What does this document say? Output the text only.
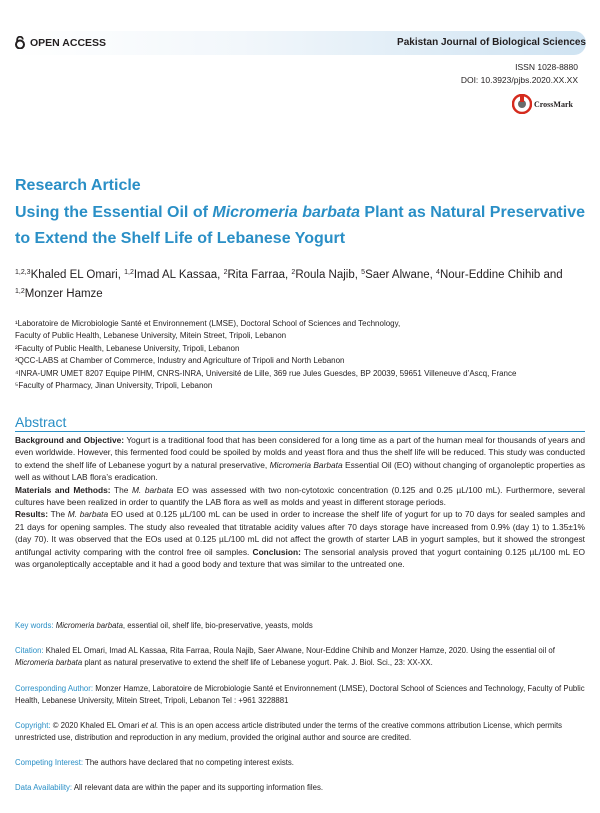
OPEN ACCESS	Pakistan Journal of Biological Sciences
ISSN 1028-8880
DOI: 10.3923/pjbs.2020.XX.XX
CrossMark
Research Article
Using the Essential Oil of Micromeria barbata Plant as Natural Preservative to Extend the Shelf Life of Lebanese Yogurt
$^{1,2,3}$Khaled EL Omari, $^{1,2}$Imad AL Kassaa, $^2$Rita Farraa, $^2$Roula Najib, $^5$Saer Alwane, $^4$Nour-Eddine Chihib and
$^{1,2}$Monzer Hamze
¹Laboratoire de Microbiologie Santé et Environnement (LMSE), Doctoral School of Sciences and Technology,
Faculty of Public Health, Lebanese University, Mitein Street, Tripoli, Lebanon
²Faculty of Public Health, Lebanese University, Tripoli, Lebanon
³QCC-LABS at Chamber of Commerce, Industry and Agriculture of Tripoli and North Lebanon
⁴INRA-UMR UMET 8207 Equipe PIHM, CNRS-INRA, Université de Lille, 369 rue Jules Guesdes, BP 20039, 59651 Villeneuve d’Ascq, France
⁵Faculty of Pharmacy, Jinan University, Tripoli, Lebanon
Abstract
Background and Objective: Yogurt is a traditional food that has been considered for a long time as a part of the human meal for thousands of years and even worldwide. However, this fermented food could be spoiled by molds and yeast flora and thus the shelf life will be reduced. This study was conducted to extend the shelf life of Lebanese yogurt by a natural preservative, Micromeria Barbata Essential Oil (EO) without changing of organoleptic properties as well as without LAB flora’s eradication.
Materials and Methods: The M. barbata EO was assessed with two non-cytotoxic concentration (0.125 and 0.25 µL/100 mL). Furthermore, several cultures have been realized in order to quantify the LAB flora as well as molds and yeast in different storage periods.
Results: The M. barbata EO used at 0.125 µL/100 mL can be used in order to increase the shelf life of yogurt for up to 70 days for sealed samples and 21 days for opening samples. The study also revealed that titratable acidity values after 70 days storage have increased from 0.9% (day 1) to 1.35±1% (day 70). It was observed that the EOs used at 0.125 µL/100 mL did not affect the growth of starter LAB in yogurt samples, but it showed the strongest antifungal activity comparing with the control free oil samples. Conclusion: The sensorial analysis proved that yogurt containing 0.125 µL/100 mL EO was organoleptically acceptable and it had a good body and texture that was similar to the untreated one.
Key words: Micromeria barbata, essential oil, shelf life, bio-preservative, yeasts, molds
Citation: Khaled EL Omari, Imad AL Kassaa, Rita Farraa, Roula Najib, Saer Alwane, Nour-Eddine Chihib and Monzer Hamze, 2020. Using the essential oil of Micromeria barbata plant as natural preservative to extend the shelf life of Lebanese yogurt. Pak. J. Biol. Sci., 23: XX-XX.
Corresponding Author: Monzer Hamze, Laboratoire de Microbiologie Santé et Environnement (LMSE), Doctoral School of Sciences and Technology, Faculty of Public Health, Lebanese University, Mitein Street, Tripoli, Lebanon Tel : +961 3228881
Copyright: © 2020 Khaled EL Omari et al. This is an open access article distributed under the terms of the creative commons attribution License, which permits unrestricted use, distribution and reproduction in any medium, provided the original author and source are credited.
Competing Interest: The authors have declared that no competing interest exists.
Data Availability: All relevant data are within the paper and its supporting information files.
